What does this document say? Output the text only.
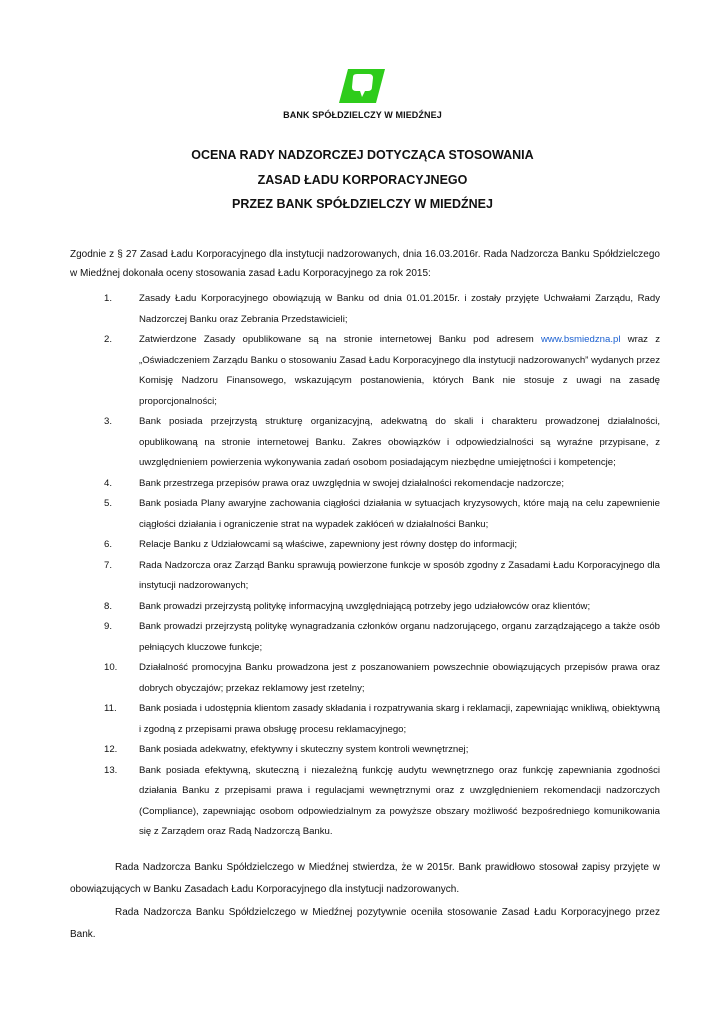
BANK SPÓŁDZIELCZY W MIEDŹNEJ
OCENA RADY NADZORCZEJ DOTYCZĄCA STOSOWANIA
ZASAD ŁADU KORPORACYJNEGO
PRZEZ BANK SPÓŁDZIELCZY W MIEDŹNEJ

Zgodnie z § 27 Zasad Ładu Korporacyjnego dla instytucji nadzorowanych, dnia 16.03.2016r. Rada Nadzorcza Banku Spółdzielczego w Miedźnej dokonała oceny stosowania zasad Ładu Korporacyjnego za rok 2015:

1.	Zasady Ładu Korporacyjnego obowiązują w Banku od dnia 01.01.2015r. i zostały przyjęte Uchwałami Zarządu, Rady Nadzorczej Banku oraz Zebrania Przedstawicieli;
2.	Zatwierdzone Zasady opublikowane są na stronie internetowej Banku pod adresem www.bsmiedzna.pl wraz z „Oświadczeniem Zarządu Banku o stosowaniu Zasad Ładu Korporacyjnego dla instytucji nadzorowanych” wydanych przez Komisję Nadzoru Finansowego, wskazującym postanowienia, których Bank nie stosuje z uwagi na zasadę proporcjonalności;
3.	Bank posiada przejrzystą strukturę organizacyjną, adekwatną do skali i charakteru prowadzonej działalności, opublikowaną na stronie internetowej Banku. Zakres obowiązków i odpowiedzialności są wyraźne przypisane, z uwzględnieniem powierzenia wykonywania zadań osobom posiadającym niezbędne umiejętności i kompetencje;
4.	Bank przestrzega przepisów prawa oraz uwzględnia w swojej działalności rekomendacje nadzorcze;
5.	Bank posiada Plany awaryjne zachowania ciągłości działania w sytuacjach kryzysowych, które mają na celu zapewnienie ciągłości działania i ograniczenie strat na wypadek zakłóceń w działalności Banku;
6.	Relacje Banku z Udziałowcami są właściwe, zapewniony jest równy dostęp do informacji;
7.	Rada Nadzorcza oraz Zarząd Banku sprawują powierzone funkcje w sposób zgodny z Zasadami Ładu Korporacyjnego dla instytucji nadzorowanych;
8.	Bank prowadzi przejrzystą politykę informacyjną uwzględniającą potrzeby jego udziałowców oraz klientów;
9.	Bank prowadzi przejrzystą politykę wynagradzania członków organu nadzorującego, organu zarządzającego a także osób pełniących kluczowe funkcje;
10. Działalność promocyjna Banku prowadzona jest z poszanowaniem powszechnie obowiązujących przepisów prawa oraz dobrych obyczajów; przekaz reklamowy jest rzetelny;
11. Bank posiada i udostępnia klientom zasady składania i rozpatrywania skarg i reklamacji, zapewniając wnikliwą, obiektywną i zgodną z przepisami prawa obsługę procesu reklamacyjnego;
12. Bank posiada adekwatny, efektywny i skuteczny system kontroli wewnętrznej;
13. Bank posiada efektywną, skuteczną i niezależną funkcję audytu wewnętrznego oraz funkcję zapewniania zgodności działania Banku z przepisami prawa i regulacjami wewnętrznymi oraz z uwzględnieniem rekomendacji nadzorczych (Compliance), zapewniając osobom odpowiedzialnym za powyższe obszary możliwość bezpośredniego komunikowania się z Zarządem oraz Radą Nadzorczą Banku.

Rada Nadzorcza Banku Spółdzielczego w Miedźnej stwierdza, że w 2015r. Bank prawidłowo stosował zapisy przyjęte w obowiązujących w Banku Zasadach Ładu Korporacyjnego dla instytucji nadzorowanych.

Rada Nadzorcza Banku Spółdzielczego w Miedźnej pozytywnie oceniła stosowanie Zasad Ładu Korporacyjnego przez Bank.
